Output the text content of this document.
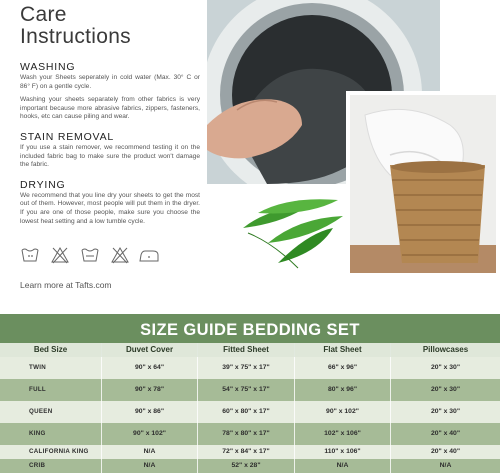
Care
Instructions
WASHING
Wash your Sheets seperately in cold water (Max. 30° C or 86° F) on a gentle cycle.
Washing your sheets separately from other fabrics is very important because more abrasive fabrics, zippers, fasteners, hooks, etc can cause piling and wear.
STAIN REMOVAL
If you use a stain remover, we recommend testing it on the included fabric bag to make sure the product won't damage the fabric.
DRYING
We recommend that you line dry your sheets to get the most out of them. However, most people will put them in the dryer. If you are one of those people, make sure you choose the lowest heat setting and a low tumble cycle.
Learn more at Tafts.com
SIZE GUIDE BEDDING SET
Bed Size	Duvet Cover	Fitted Sheet	Flat Sheet	Pillowcases
TWIN	90" x 64"	39" x 75" x 17"	66" x 96"	20" x 30"
FULL	90" x 78"	54" x 75" x 17"	80" x 96"	20" x 30"
QUEEN	90" x 86"	60" x 80" x 17"	90" x 102"	20" x 30"
KING	90" x 102"	78" x 80" x 17"	102" x 106"	20" x 40"
CALIFORNIA KING	N/A	72" x 84" x 17"	110" x 106"	20" x 40"
CRIB	N/A	52" x 28"	N/A	N/A
